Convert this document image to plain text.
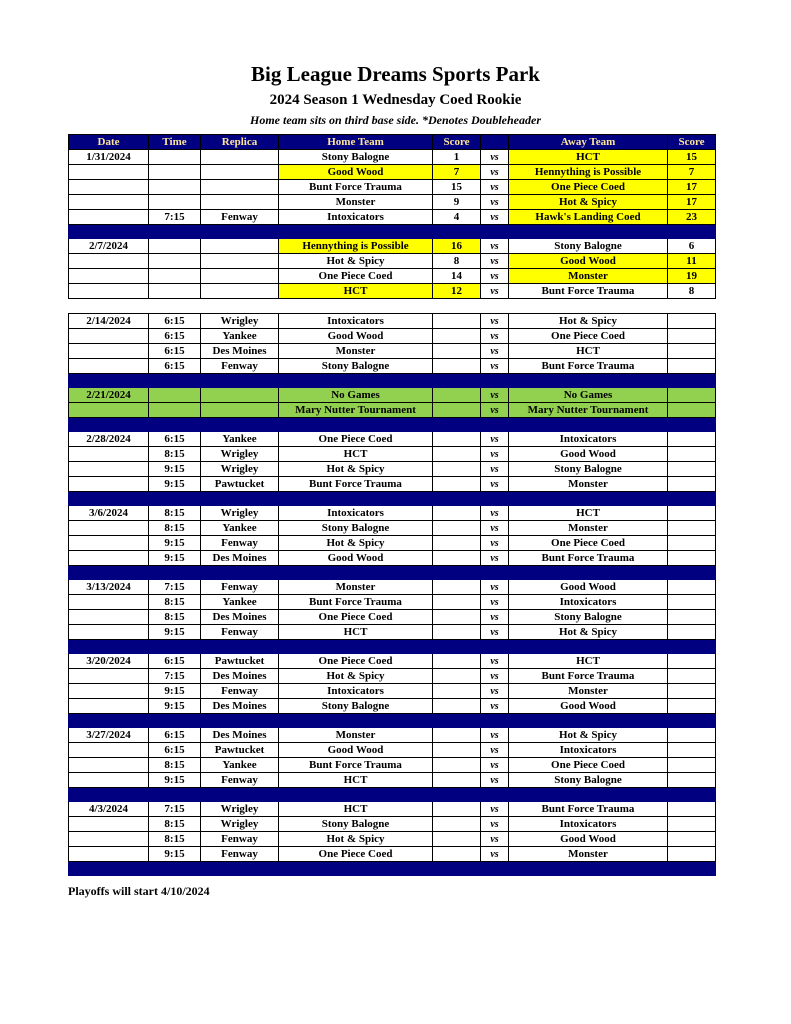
Big League Dreams Sports Park
2024 Season 1 Wednesday Coed Rookie
Home team sits on third base side. *Denotes Doubleheader
Date	Time	Replica	Home Team	Score		Away Team	Score
1/31/2024			Stony Balogne	1	vs	HCT	15
			Good Wood	7	vs	Hennything is Possible	7
			Bunt Force Trauma	15	vs	One Piece Coed	17
			Monster	9	vs	Hot & Spicy	17
	7:15	Fenway	Intoxicators	4	vs	Hawk's Landing Coed	23

2/7/2024			Hennything is Possible	16	vs	Stony Balogne	6
			Hot & Spicy	8	vs	Good Wood	11
			One Piece Coed	14	vs	Monster	19
			HCT	12	vs	Bunt Force Trauma	8

2/14/2024	6:15	Wrigley	Intoxicators		vs	Hot & Spicy	
	6:15	Yankee	Good Wood		vs	One Piece Coed	
	6:15	Des Moines	Monster		vs	HCT	
	6:15	Fenway	Stony Balogne		vs	Bunt Force Trauma	

2/21/2024			No Games		vs	No Games	
			Mary Nutter Tournament		vs	Mary Nutter Tournament	

2/28/2024	6:15	Yankee	One Piece Coed		vs	Intoxicators	
	8:15	Wrigley	HCT		vs	Good Wood	
	9:15	Wrigley	Hot & Spicy		vs	Stony Balogne	
	9:15	Pawtucket	Bunt Force Trauma		vs	Monster	

3/6/2024	8:15	Wrigley	Intoxicators		vs	HCT	
	8:15	Yankee	Stony Balogne		vs	Monster	
	9:15	Fenway	Hot & Spicy		vs	One Piece Coed	
	9:15	Des Moines	Good Wood		vs	Bunt Force Trauma	

3/13/2024	7:15	Fenway	Monster		vs	Good Wood	
	8:15	Yankee	Bunt Force Trauma		vs	Intoxicators	
	8:15	Des Moines	One Piece Coed		vs	Stony Balogne	
	9:15	Fenway	HCT		vs	Hot & Spicy	

3/20/2024	6:15	Pawtucket	One Piece Coed		vs	HCT	
	7:15	Des Moines	Hot & Spicy		vs	Bunt Force Trauma	
	9:15	Fenway	Intoxicators		vs	Monster	
	9:15	Des Moines	Stony Balogne		vs	Good Wood	

3/27/2024	6:15	Des Moines	Monster		vs	Hot & Spicy	
	6:15	Pawtucket	Good Wood		vs	Intoxicators	
	8:15	Yankee	Bunt Force Trauma		vs	One Piece Coed	
	9:15	Fenway	HCT		vs	Stony Balogne	

4/3/2024	7:15	Wrigley	HCT		vs	Bunt Force Trauma	
	8:15	Wrigley	Stony Balogne		vs	Intoxicators	
	8:15	Fenway	Hot & Spicy		vs	Good Wood	
	9:15	Fenway	One Piece Coed		vs	Monster	

Playoffs will start 4/10/2024
